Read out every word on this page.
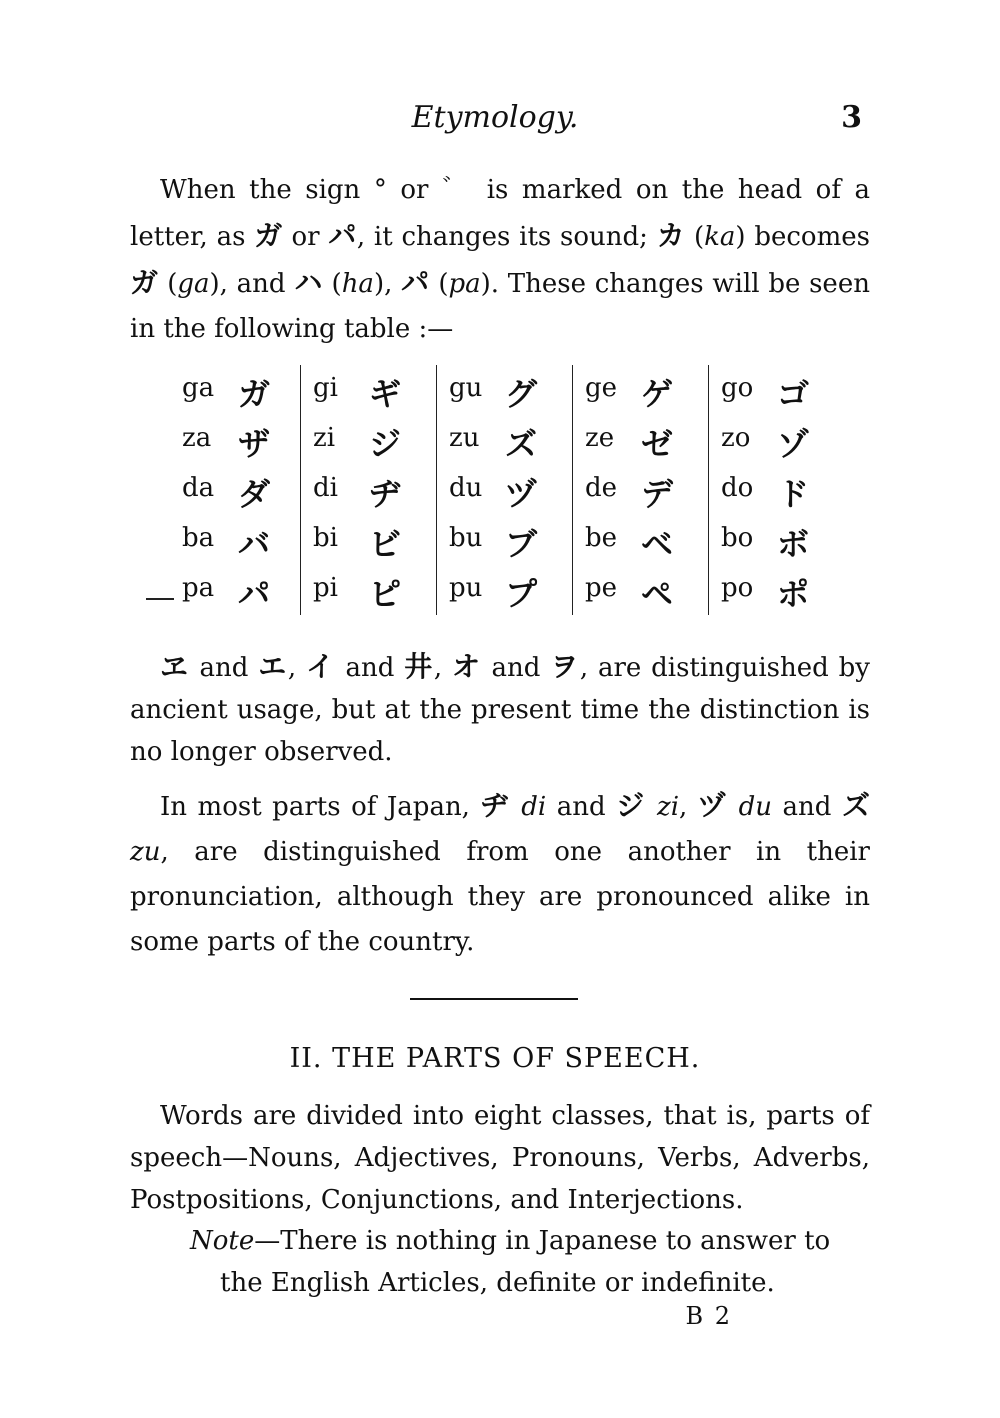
Etymology.	3

When the sign ° or ゛ is marked on the head of a letter, as ガ or パ, it changes its sound; カ (ka) becomes ガ (ga), and ハ (ha), パ (pa). These changes will be seen in the following table :—

ga ガ
za ザ
da ダ
ba バ
pa パ
gi ギ
zi ジ
di ヂ
bi ビ
pi ピ
gu グ
zu ズ
du ヅ
bu ブ
pu プ
ge ゲ
ze ゼ
de デ
be ベ
pe ペ
go ゴ
zo ゾ
do ド
bo ボ
po ポ

ヱ and エ, イ and 井, オ and ヲ, are distinguished by ancient usage, but at the present time the distinction is no longer observed.

In most parts of Japan, ヂ di and ジ zi, ヅ du and ズ zu, are distinguished from one another in their pronunciation, although they are pronounced alike in some parts of the country.

II. THE PARTS OF SPEECH.

Words are divided into eight classes, that is, parts of speech—Nouns, Adjectives, Pronouns, Verbs, Adverbs, Postpositions, Conjunctions, and Interjections.

Note—There is nothing in Japanese to answer to
the English Articles, definite or indefinite.

B 2
